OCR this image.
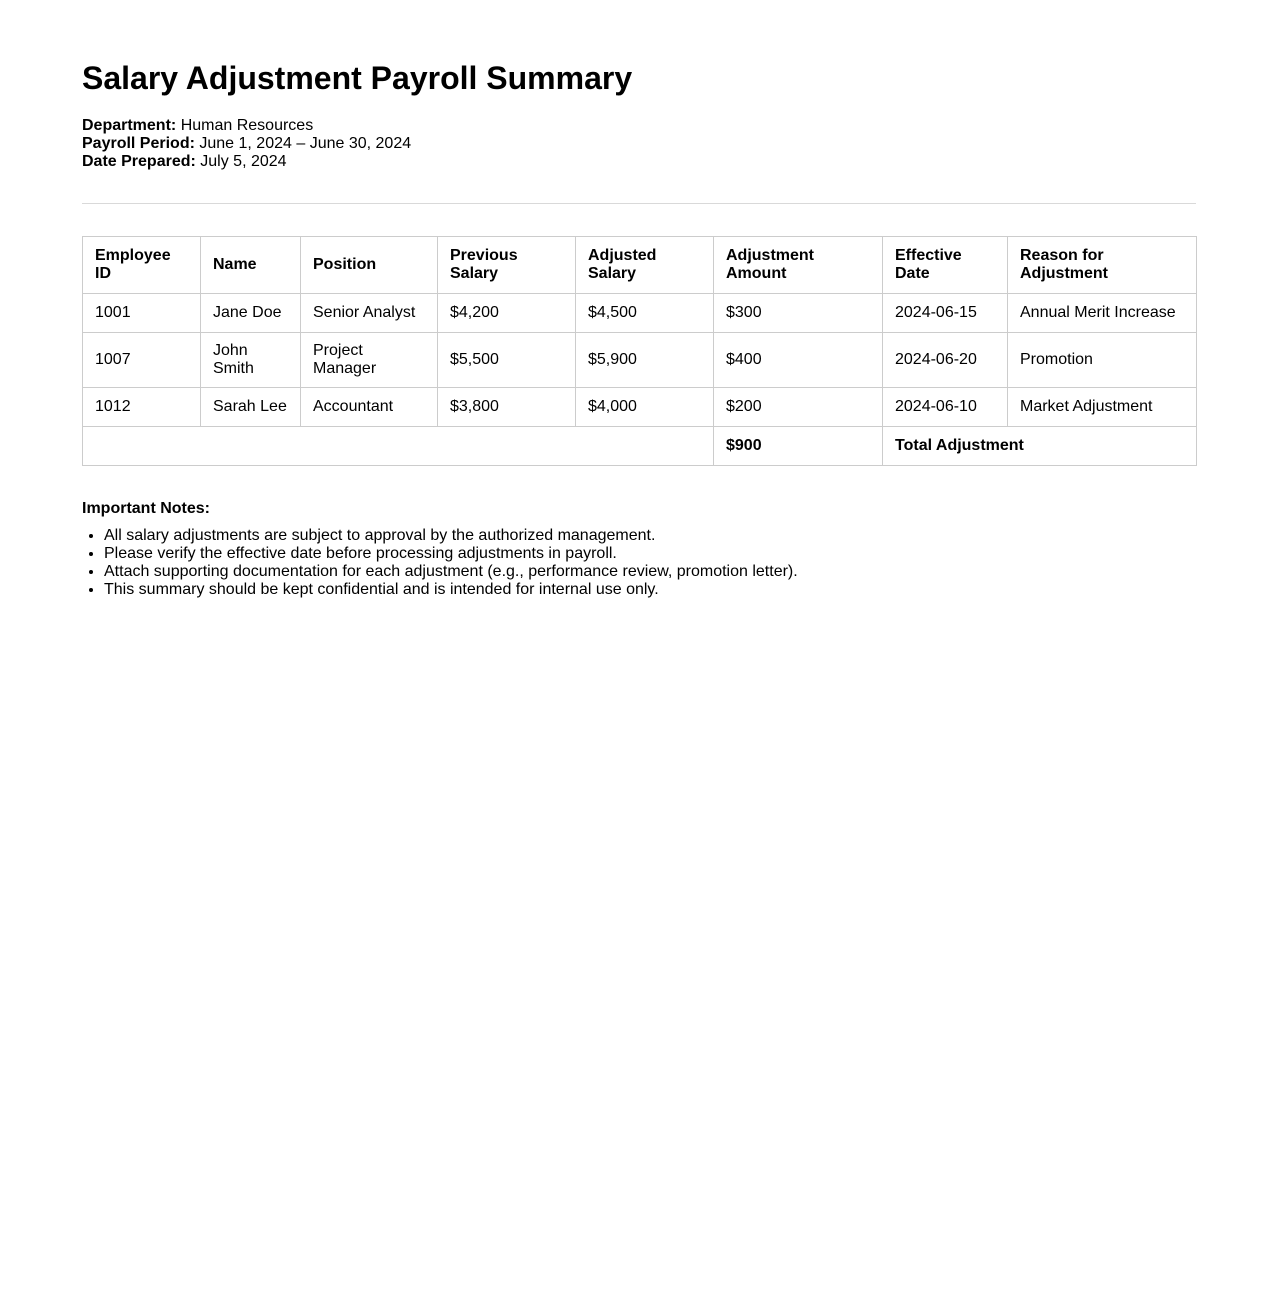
Salary Adjustment Payroll Summary
Department: Human Resources
Payroll Period: June 1, 2024 – June 30, 2024
Date Prepared: July 5, 2024
Employee ID	Name	Position	Previous Salary	Adjusted Salary	Adjustment Amount	Effective Date	Reason for Adjustment
1001	Jane Doe	Senior Analyst	$4,200	$4,500	$300	2024-06-15	Annual Merit Increase
1007	John Smith	Project Manager	$5,500	$5,900	$400	2024-06-20	Promotion
1012	Sarah Lee	Accountant	$3,800	$4,000	$200	2024-06-10	Market Adjustment
					$900	Total Adjustment	
Important Notes:
• All salary adjustments are subject to approval by the authorized management.
• Please verify the effective date before processing adjustments in payroll.
• Attach supporting documentation for each adjustment (e.g., performance review, promotion letter).
• This summary should be kept confidential and is intended for internal use only.
